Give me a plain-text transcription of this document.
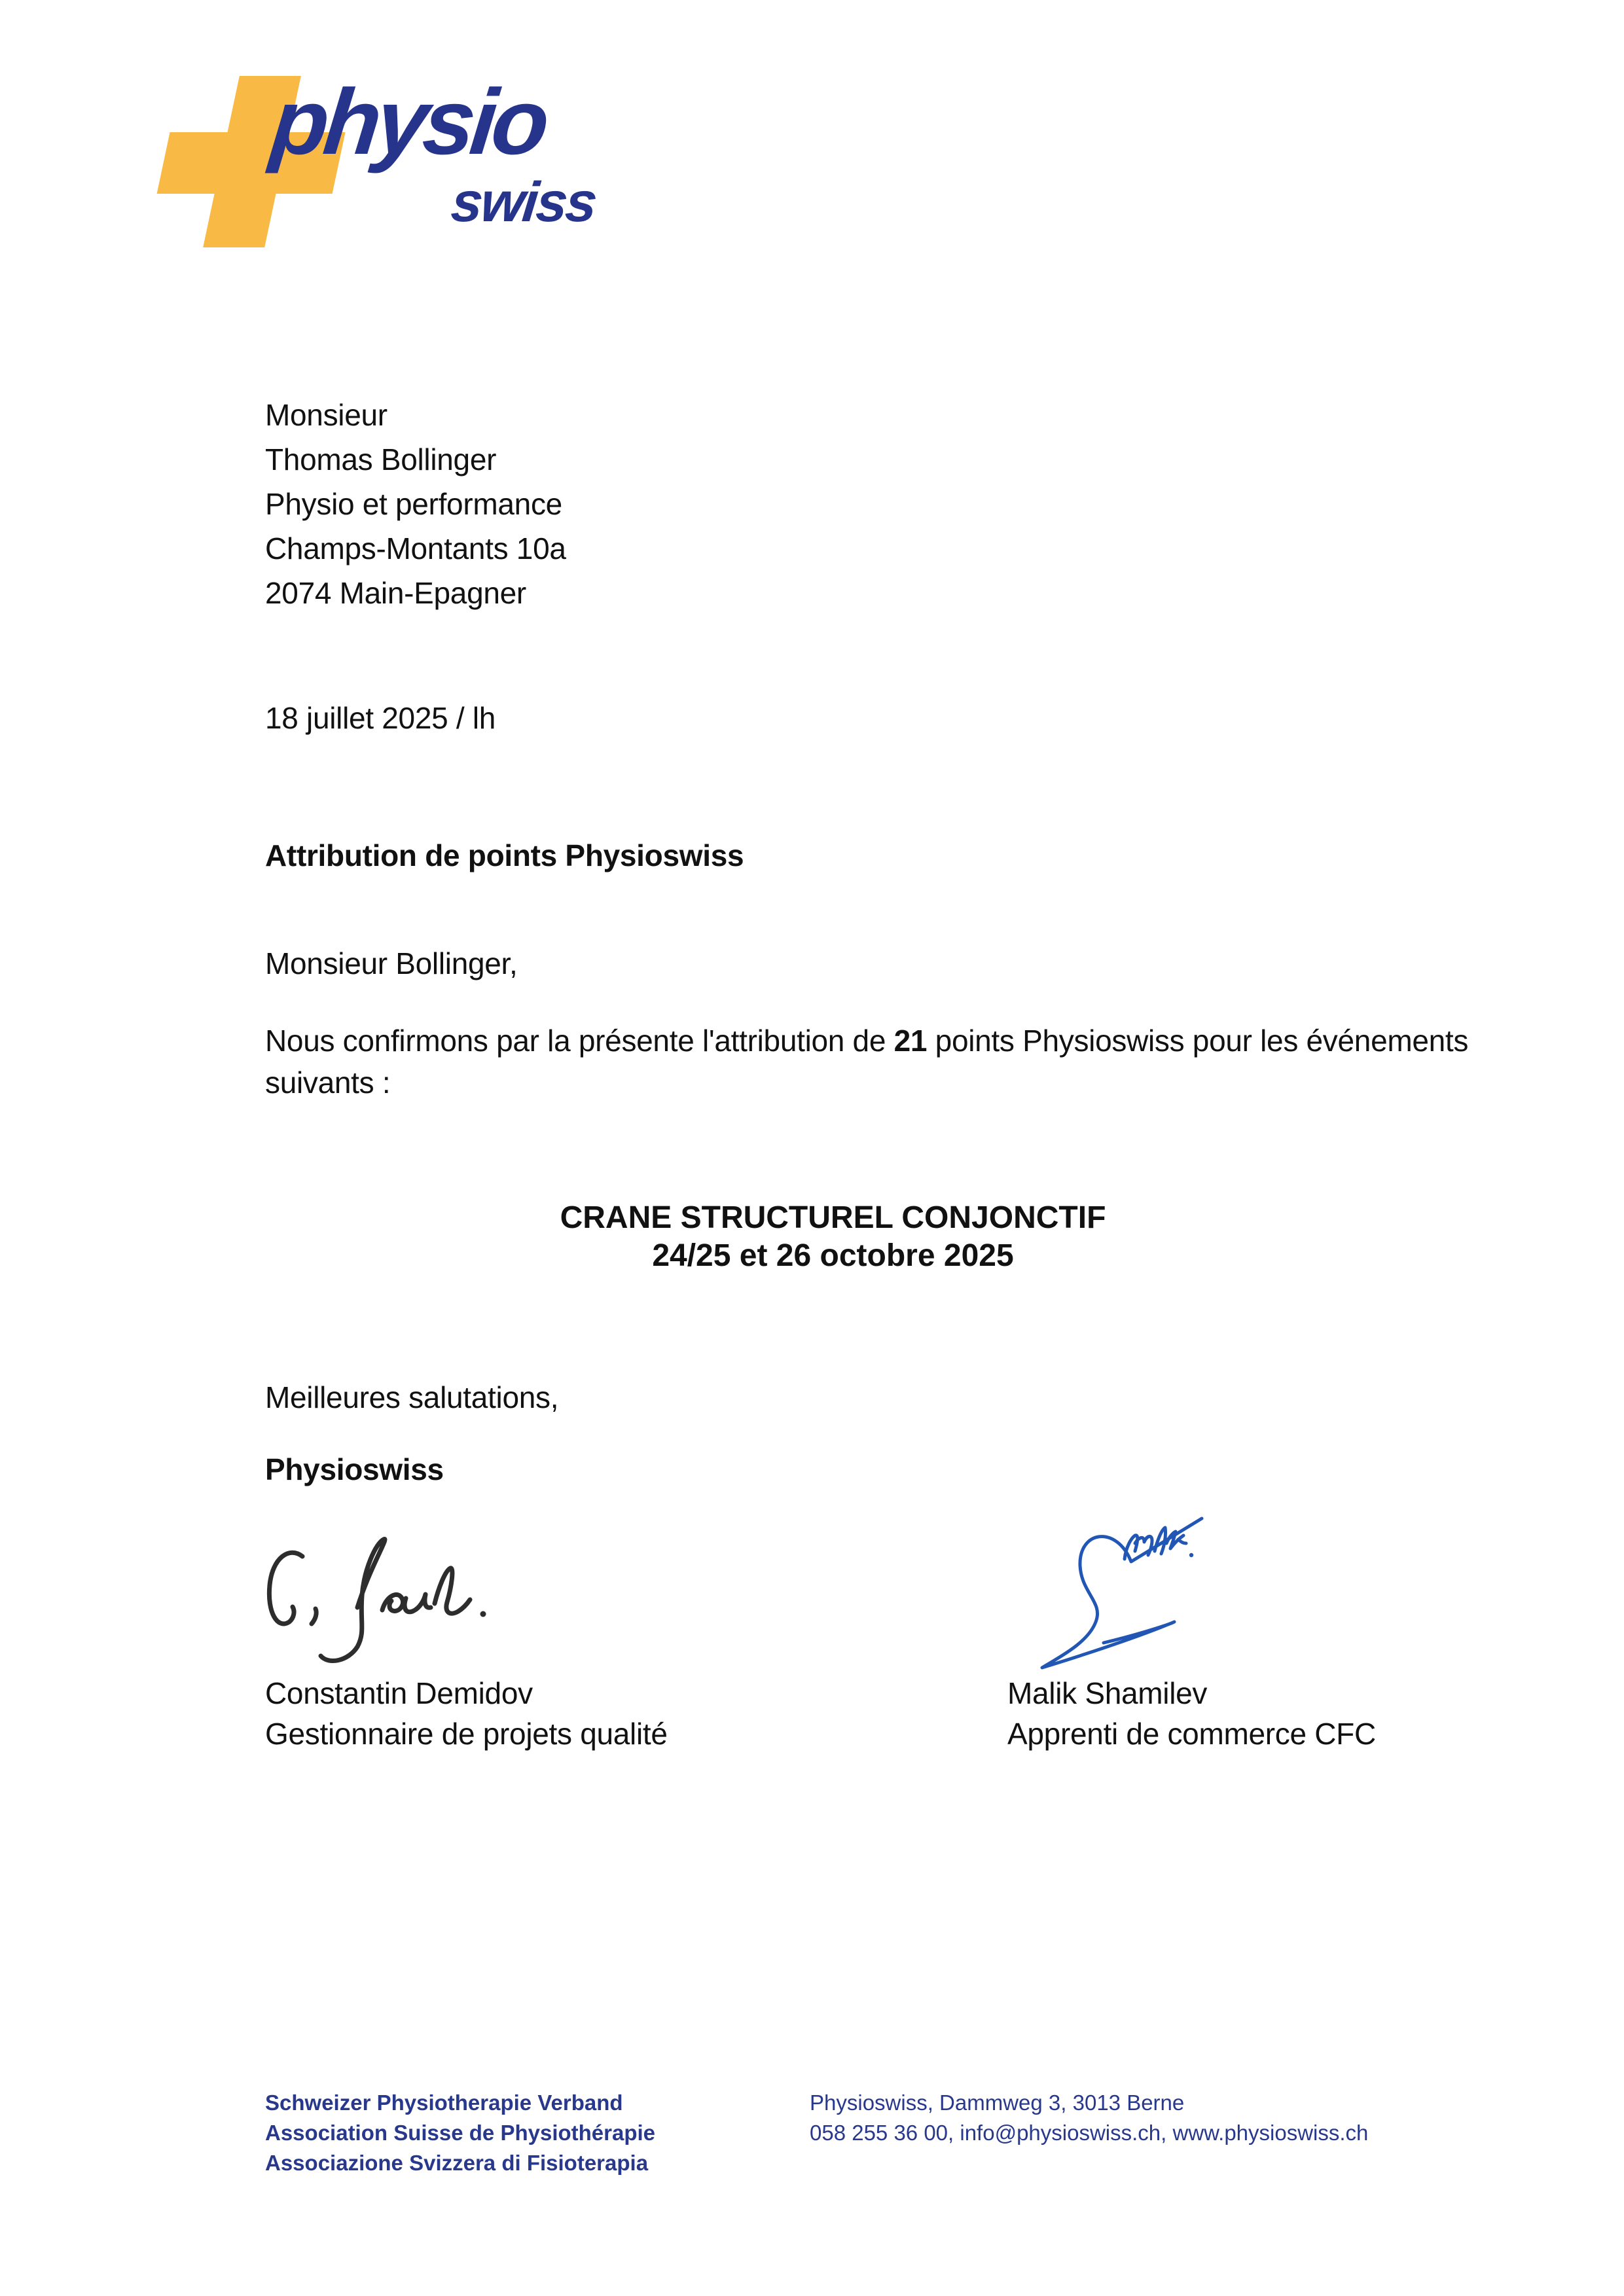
physio
swiss
Monsieur
Thomas Bollinger
Physio et performance
Champs-Montants 10a
2074 Main-Epagner
18 juillet 2025 / lh
Attribution de points Physioswiss
Monsieur Bollinger,

Nous confirmons par la présente l'attribution de 21 points Physioswiss pour les événements
suivants :

CRANE STRUCTUREL CONJONCTIF
24/25 et 26 octobre 2025
Meilleures salutations,
Physioswiss
Constantin Demidov
Gestionnaire de projets qualité
Malik Shamilev
Apprenti de commerce CFC
Schweizer Physiotherapie Verband
Association Suisse de Physiothérapie
Associazione Svizzera di Fisioterapia
Physioswiss, Dammweg 3, 3013 Berne
058 255 36 00, info@physioswiss.ch, www.physioswiss.ch
